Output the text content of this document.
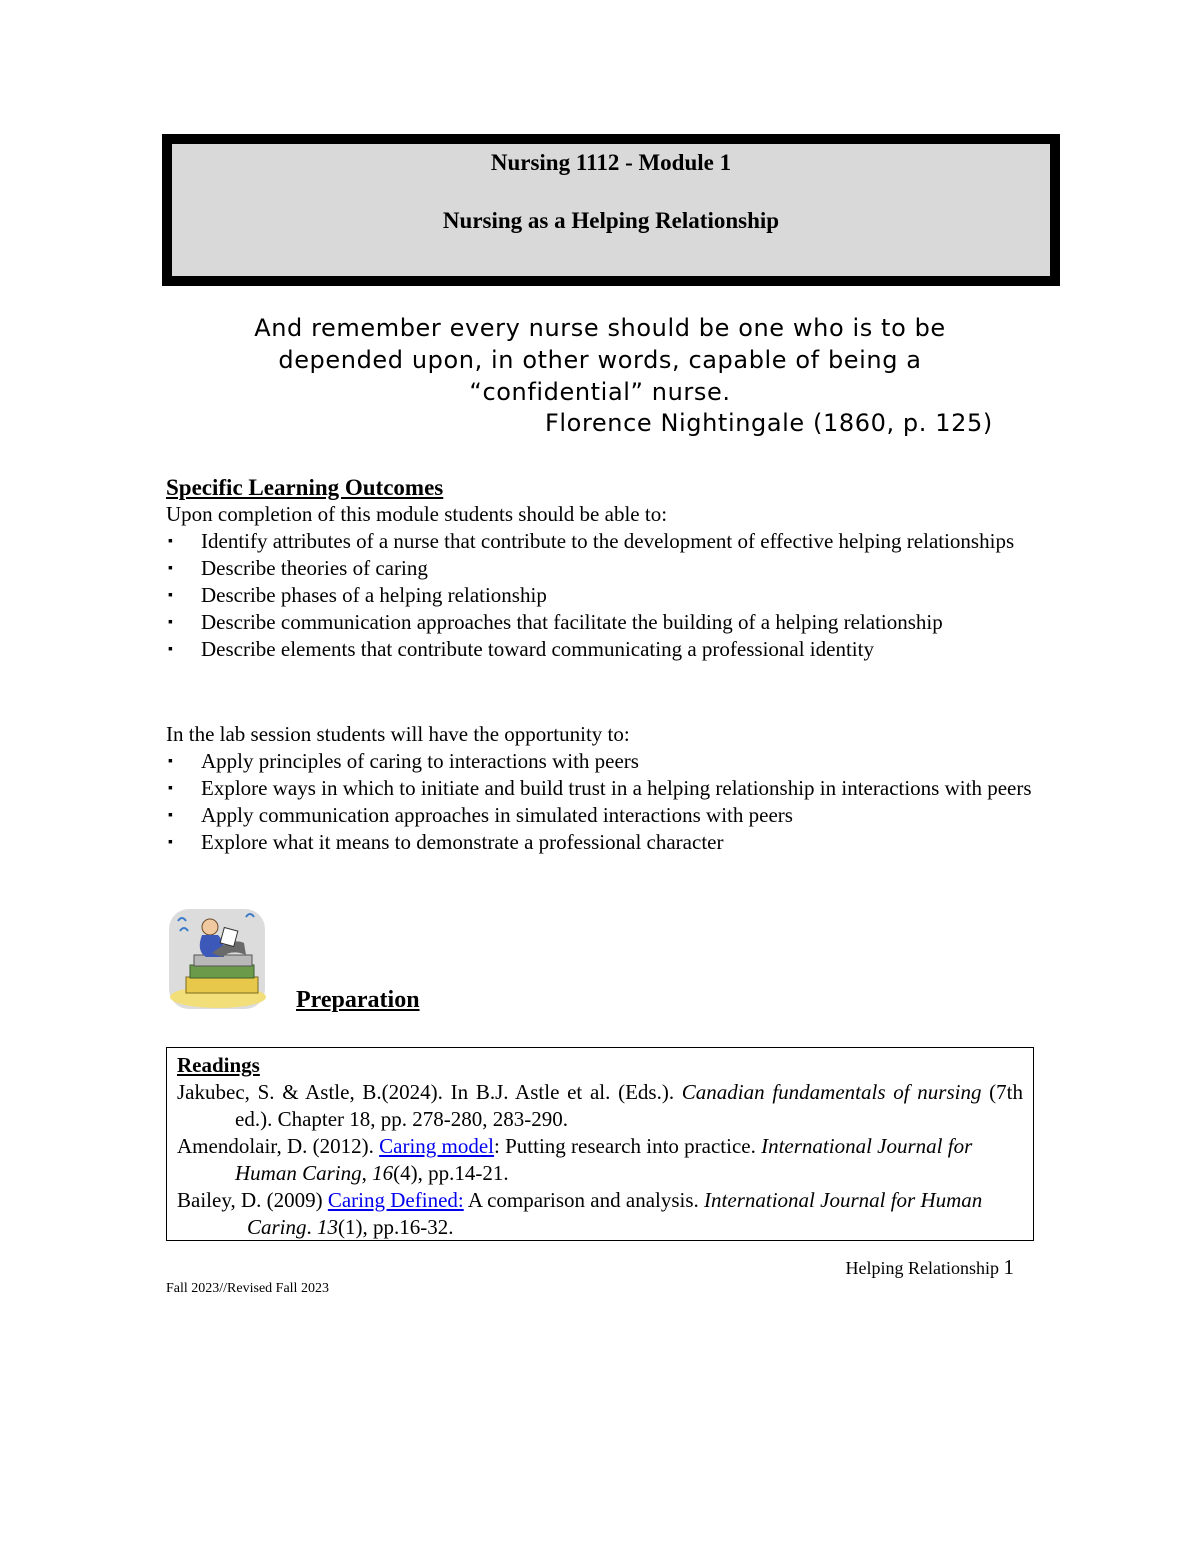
Nursing 1112 - Module 1
Nursing as a Helping Relationship
And remember every nurse should be one who is to be depended upon, in other words, capable of being a “confidential” nurse.
Florence Nightingale (1860, p. 125)
Specific Learning Outcomes
Upon completion of this module students should be able to:
▪ Identify attributes of a nurse that contribute to the development of effective helping relationships
▪ Describe theories of caring
▪ Describe phases of a helping relationship
▪ Describe communication approaches that facilitate the building of a helping relationship
▪ Describe elements that contribute toward communicating a professional identity
In the lab session students will have the opportunity to:
▪ Apply principles of caring to interactions with peers
▪ Explore ways in which to initiate and build trust in a helping relationship in interactions with peers
▪ Apply communication approaches in simulated interactions with peers
▪ Explore what it means to demonstrate a professional character
Preparation
Readings
Jakubec, S. & Astle, B.(2024). In B.J. Astle et al. (Eds.). Canadian fundamentals of nursing (7th ed.). Chapter 18, pp. 278-280, 283-290.
Amendolair, D. (2012). Caring model: Putting research into practice. International Journal for Human Caring, 16(4), pp.14-21.
Bailey, D. (2009) Caring Defined: A comparison and analysis. International Journal for Human Caring. 13(1), pp.16-32.
Helping Relationship 1
Fall 2023//Revised Fall 2023
